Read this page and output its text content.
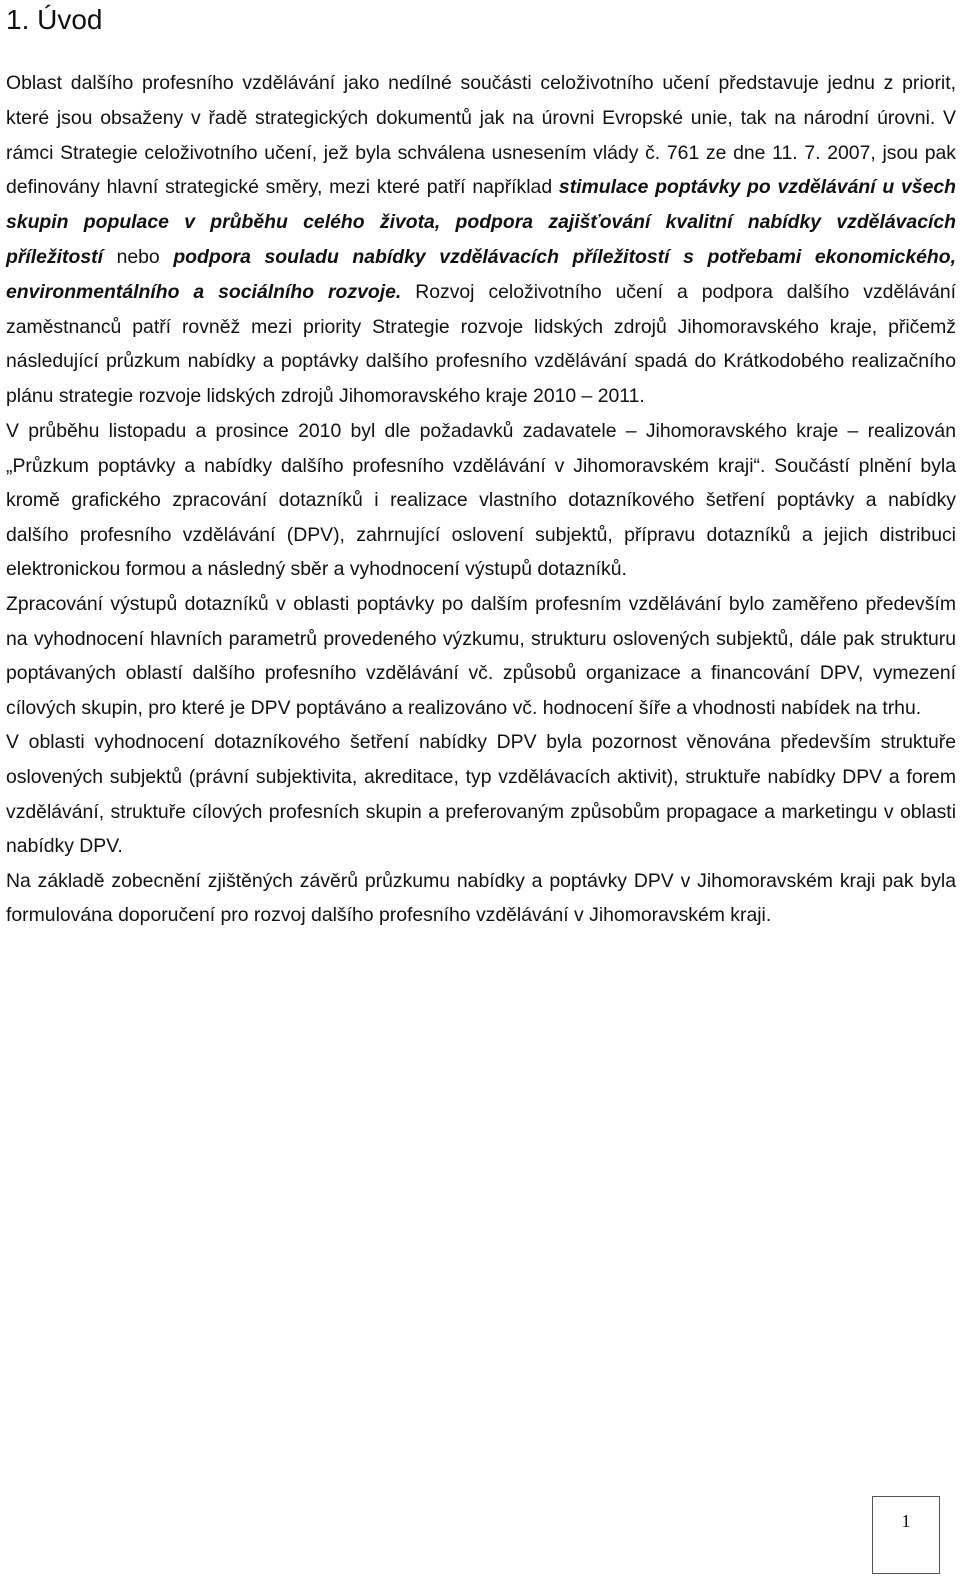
1. Úvod

Oblast dalšího profesního vzdělávání jako nedílné součásti celoživotního učení představuje jednu z priorit, které jsou obsaženy v řadě strategických dokumentů jak na úrovni Evropské unie, tak na národní úrovni. V rámci Strategie celoživotního učení, jež byla schválena usnesením vlády č. 761 ze dne 11. 7. 2007, jsou pak definovány hlavní strategické směry, mezi které patří například stimulace poptávky po vzdělávání u všech skupin populace v průběhu celého života, podpora zajišťování kvalitní nabídky vzdělávacích příležitostí nebo podpora souladu nabídky vzdělávacích příležitostí s potřebami ekonomického, environmentálního a sociálního rozvoje. Rozvoj celoživotního učení a podpora dalšího vzdělávání zaměstnanců patří rovněž mezi priority Strategie rozvoje lidských zdrojů Jihomoravského kraje, přičemž následující průzkum nabídky a poptávky dalšího profesního vzdělávání spadá do Krátkodobého realizačního plánu strategie rozvoje lidských zdrojů Jihomoravského kraje 2010 – 2011.

V průběhu listopadu a prosince 2010 byl dle požadavků zadavatele – Jihomoravského kraje – realizován „Průzkum poptávky a nabídky dalšího profesního vzdělávání v Jihomoravském kraji“. Součástí plnění byla kromě grafického zpracování dotazníků i realizace vlastního dotazníkového šetření poptávky a nabídky dalšího profesního vzdělávání (DPV), zahrnující oslovení subjektů, přípravu dotazníků a jejich distribuci elektronickou formou a následný sběr a vyhodnocení výstupů dotazníků.

Zpracování výstupů dotazníků v oblasti poptávky po dalším profesním vzdělávání bylo zaměřeno především na vyhodnocení hlavních parametrů provedeného výzkumu, strukturu oslovených subjektů, dále pak strukturu poptávaných oblastí dalšího profesního vzdělávání vč. způsobů organizace a financování DPV, vymezení cílových skupin, pro které je DPV poptáváno a realizováno vč. hodnocení šíře a vhodnosti nabídek na trhu.

V oblasti vyhodnocení dotazníkového šetření nabídky DPV byla pozornost věnována především struktuře oslovených subjektů (právní subjektivita, akreditace, typ vzdělávacích aktivit), struktuře nabídky DPV a forem vzdělávání, struktuře cílových profesních skupin a preferovaným způsobům propagace a marketingu v oblasti nabídky DPV.

Na základě zobecnění zjištěných závěrů průzkumu nabídky a poptávky DPV v Jihomoravském kraji pak byla formulována doporučení pro rozvoj dalšího profesního vzdělávání v Jihomoravském kraji.

1
